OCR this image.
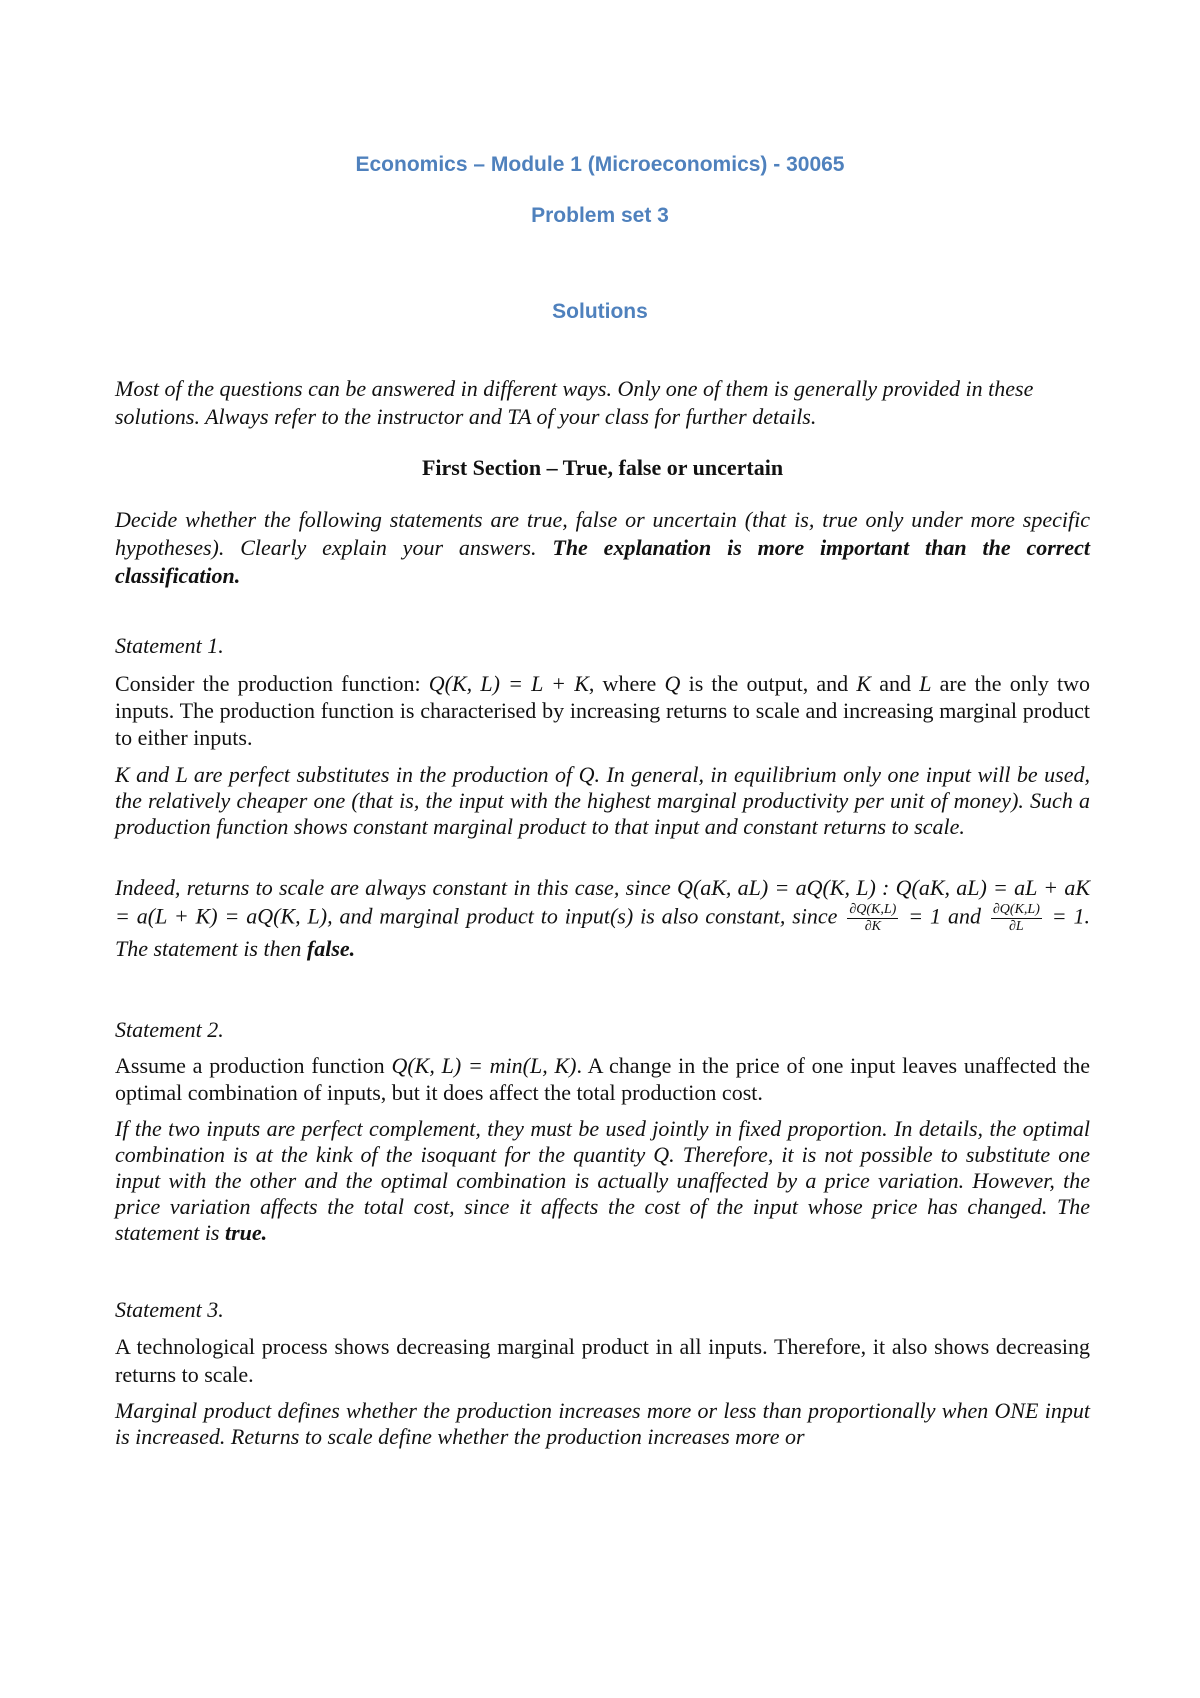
Economics – Module 1 (Microeconomics) - 30065
Problem set 3
Solutions
Most of the questions can be answered in different ways. Only one of them is generally provided in these solutions. Always refer to the instructor and TA of your class for further details.
First Section – True, false or uncertain
Decide whether the following statements are true, false or uncertain (that is, true only under more specific hypotheses). Clearly explain your answers. The explanation is more important than the correct classification.
Statement 1.
Consider the production function: Q(K, L) = L + K, where Q is the output, and K and L are the only two inputs. The production function is characterised by increasing returns to scale and increasing marginal product to either inputs.
K and L are perfect substitutes in the production of Q. In general, in equilibrium only one input will be used, the relatively cheaper one (that is, the input with the highest marginal productivity per unit of money). Such a production function shows constant marginal product to that input and constant returns to scale.
Indeed, returns to scale are always constant in this case, since Q(aK, aL) = aQ(K, L) : Q(aK, aL) = aL + aK = a(L + K) = aQ(K, L), and marginal product to input(s) is also constant, since $\frac{\partial Q(K,L)}{\partial K} = 1$ and $\frac{\partial Q(K,L)}{\partial L} = 1$. The statement is then false.
Statement 2.
Assume a production function Q(K, L) = min(L, K). A change in the price of one input leaves unaffected the optimal combination of inputs, but it does affect the total production cost.
If the two inputs are perfect complement, they must be used jointly in fixed proportion. In details, the optimal combination is at the kink of the isoquant for the quantity Q. Therefore, it is not possible to substitute one input with the other and the optimal combination is actually unaffected by a price variation. However, the price variation affects the total cost, since it affects the cost of the input whose price has changed. The statement is true.
Statement 3.
A technological process shows decreasing marginal product in all inputs. Therefore, it also shows decreasing returns to scale.
Marginal product defines whether the production increases more or less than proportionally when ONE input is increased. Returns to scale define whether the production increases more or
